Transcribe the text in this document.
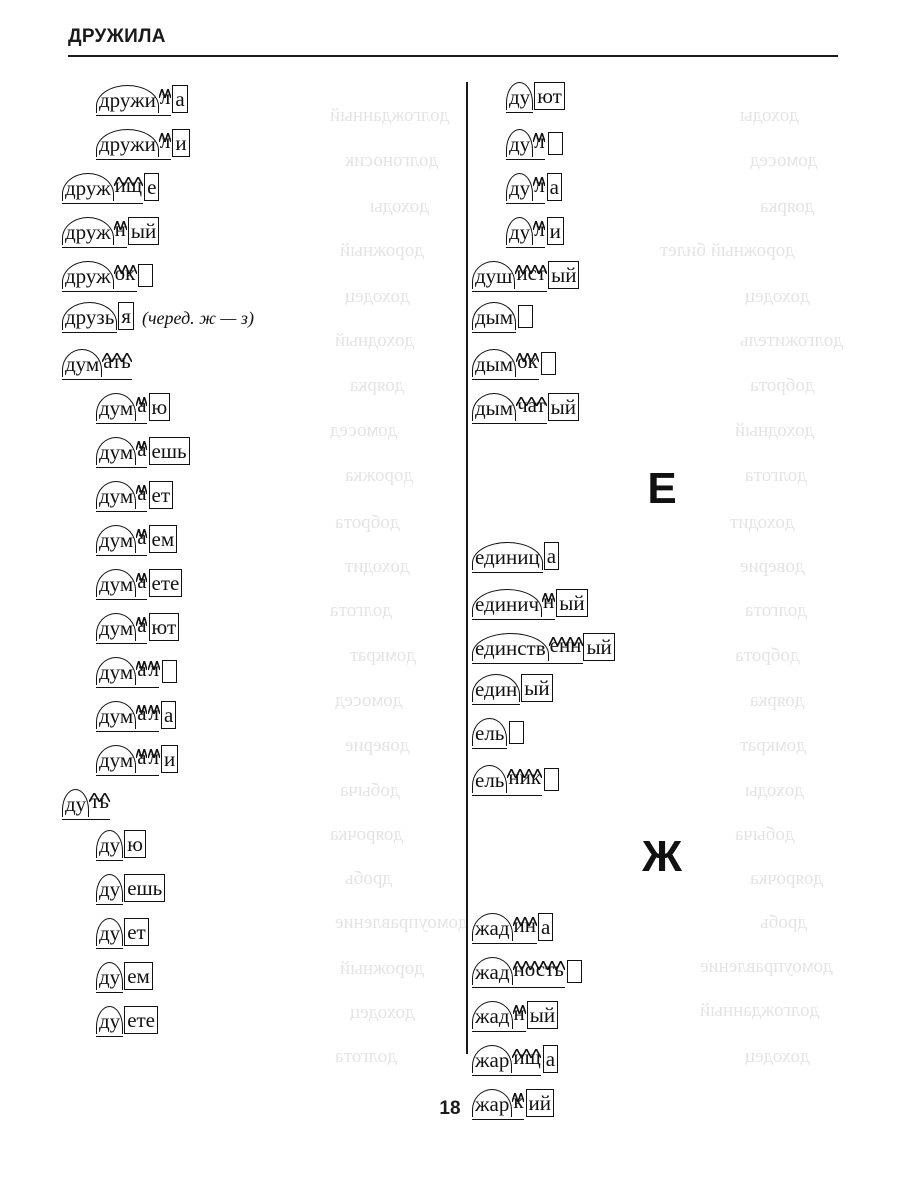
долгожданный
долгоносик
доходы
дорожный
доходец
доходный
доярка
домосед
дорожка
доброта
доходит
долгота
домкрат
домосед
доверие
добыча
доярочка
дробь
домоуправление
дорожный
доходец
долгота
доходы
домосед
доярка
дорожный билет
доходец
долгожитель
доброта
доходный
долгота
доходит
доверие
долгота
доброта
доярка
домкрат
доходы
добыча
доярочка
дробь
домоуправление
долгожданный
доходец
ДРУЖИЛА
дружи л а
дружи л и
друж ищ е
друж н ый
друж ок
друзь я (черед. ж — з)
дум ать
дум а ю
дум а ешь
дум а ет
дум а ем
дум а ете
дум а ют
дум а
л
дум а
л а
дум а
л и
ду ть
ду ю
ду ешь
ду ет
ду ем
ду ете
ду ют
ду л
ду л а
ду л и
душ ист ый
дым
дым ок
дым чат ый
Е
единиц а
единич н ый
единств енн ый
един ый
ель
ель ник
Ж
жад ин а
жад ность
жад н ый
жар ищ а
жар к ий
18
